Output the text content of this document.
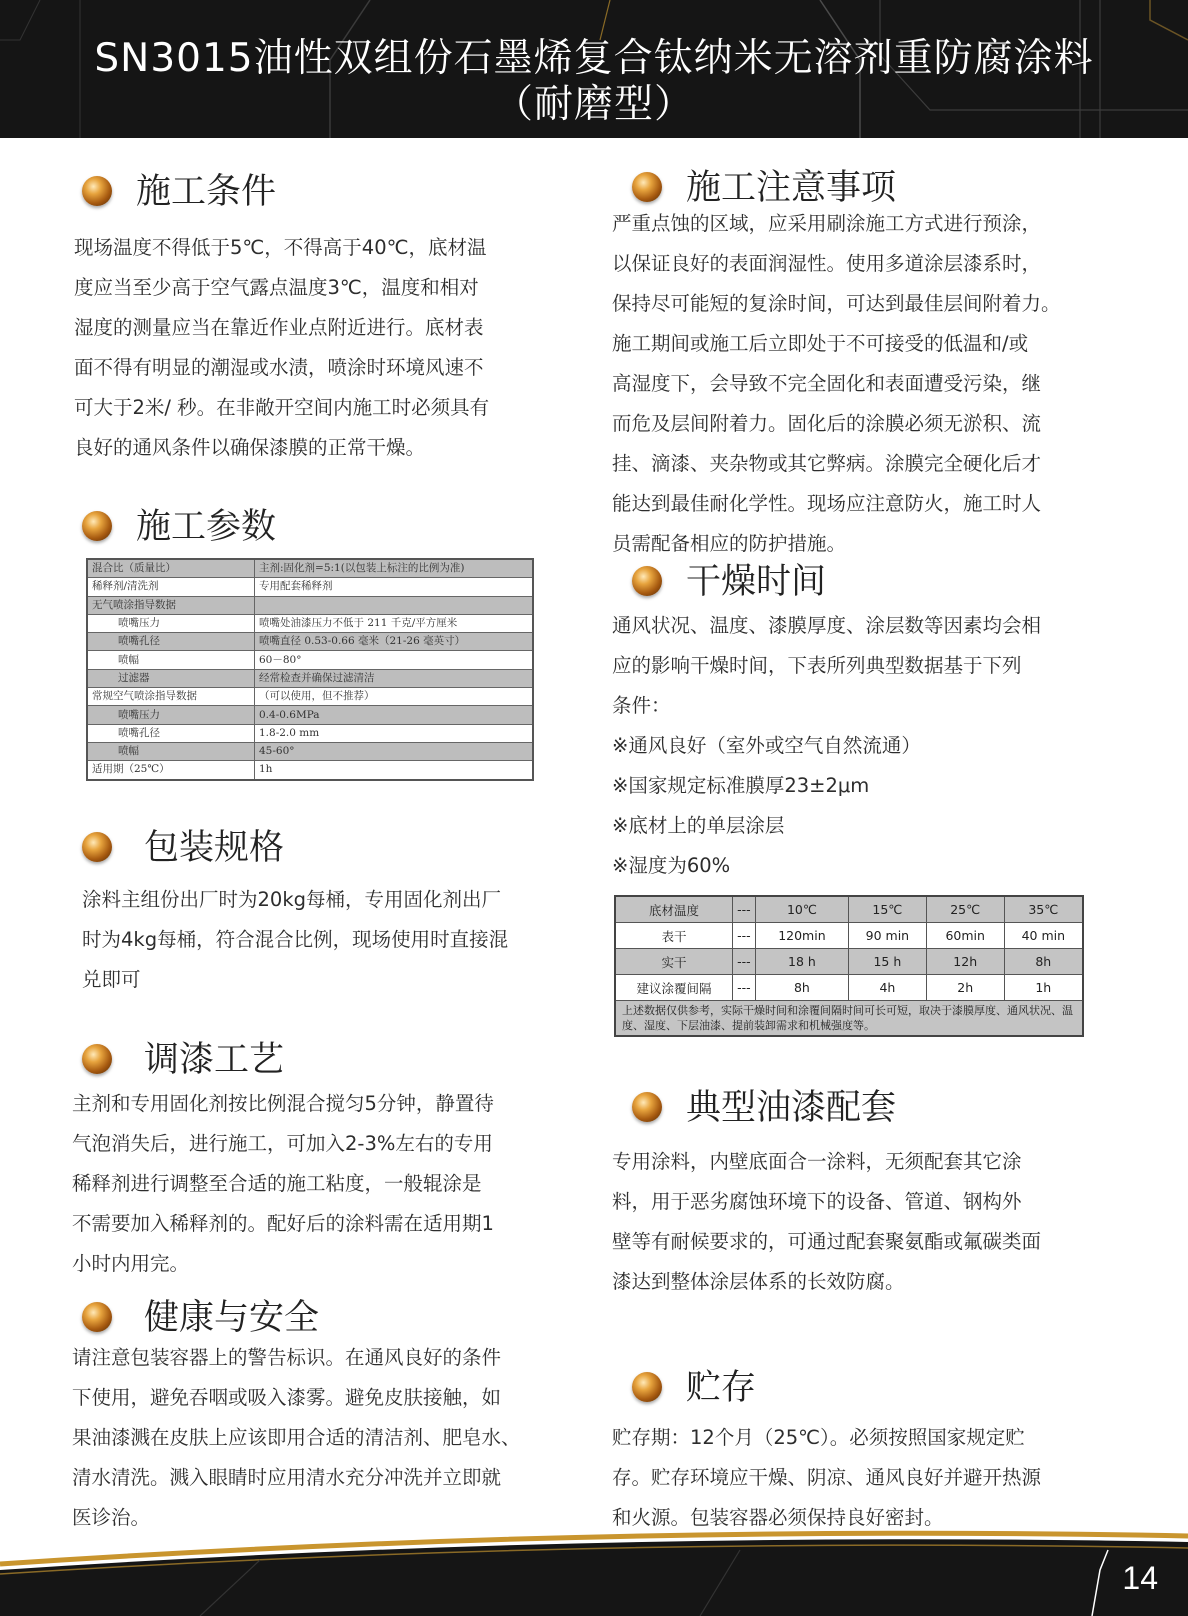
SN3015油性双组份石墨烯复合钛纳米无溶剂重防腐涂料
（耐磨型）
施工条件

现场温度不得低于5℃，不得高于40℃，底材温

度应当至少高于空气露点温度3℃，温度和相对

湿度的测量应当在靠近作业点附近进行。底材表

面不得有明显的潮湿或水渍，喷涂时环境风速不

可大于2米/ 秒。在非敞开空间内施工时必须具有

良好的通风条件以确保漆膜的正常干燥。

施工参数
混合比（质量比）	主剂:固化剂=5:1(以包装上标注的比例为准)
稀释剂/清洗剂	专用配套稀释剂
无气喷涂指导数据	
喷嘴压力	喷嘴处油漆压力不低于 211 千克/平方厘米
喷嘴孔径	喷嘴直径 0.53-0.66 毫米（21-26 毫英寸）
喷幅	60－80°
过滤器	经常检查并确保过滤清洁
常规空气喷涂指导数据	（可以使用，但不推荐）
喷嘴压力	0.4-0.6MPa
喷嘴孔径	1.8-2.0 mm
喷幅	45-60°
适用期（25℃）	1h
包装规格

涂料主组份出厂时为20kg每桶，专用固化剂出厂

时为4kg每桶，符合混合比例，现场使用时直接混

兑即可

调漆工艺

主剂和专用固化剂按比例混合搅匀5分钟，静置待

气泡消失后，进行施工，可加入2-3%左右的专用

稀释剂进行调整至合适的施工粘度，一般辊涂是

不需要加入稀释剂的。配好后的涂料需在适用期1

小时内用完。

健康与安全

请注意包装容器上的警告标识。在通风良好的条件

下使用，避免吞咽或吸入漆雾。避免皮肤接触，如

果油漆溅在皮肤上应该即用合适的清洁剂、肥皂水、

清水清洗。溅入眼睛时应用清水充分冲洗并立即就

医诊治。

施工注意事项

严重点蚀的区域，应采用刷涂施工方式进行预涂，

以保证良好的表面润湿性。使用多道涂层漆系时，

保持尽可能短的复涂时间，可达到最佳层间附着力。

施工期间或施工后立即处于不可接受的低温和/或

高湿度下，会导致不完全固化和表面遭受污染，继

而危及层间附着力。固化后的涂膜必须无淤积、流

挂、滴漆、夹杂物或其它弊病。涂膜完全硬化后才

能达到最佳耐化学性。现场应注意防火，施工时人

员需配备相应的防护措施。

干燥时间

通风状况、温度、漆膜厚度、涂层数等因素均会相

应的影响干燥时间，下表所列典型数据基于下列

条件：

※通风良好（室外或空气自然流通）

※国家规定标准膜厚23±2μm

※底材上的单层涂层

※湿度为60%

底材温度	---	10℃	15℃	25℃	35℃
表干	---	120min	90 min	60min	40 min
实干	---	18 h	15 h	12h	8h
建议涂覆间隔	---	8h	4h	2h	1h
上述数据仅供参考，实际干燥时间和涂覆间隔时间可长可短，取决于漆膜厚度、通风状况、温度、湿度、下层油漆、提前装卸需求和机械强度等。					
典型油漆配套

专用涂料，内壁底面合一涂料，无须配套其它涂

料，用于恶劣腐蚀环境下的设备、管道、钢构外

壁等有耐候要求的，可通过配套聚氨酯或氟碳类面

漆达到整体涂层体系的长效防腐。

贮存

贮存期：12个月（25℃）。必须按照国家规定贮

存。贮存环境应干燥、阴凉、通风良好并避开热源

和火源。包装容器必须保持良好密封。

14
